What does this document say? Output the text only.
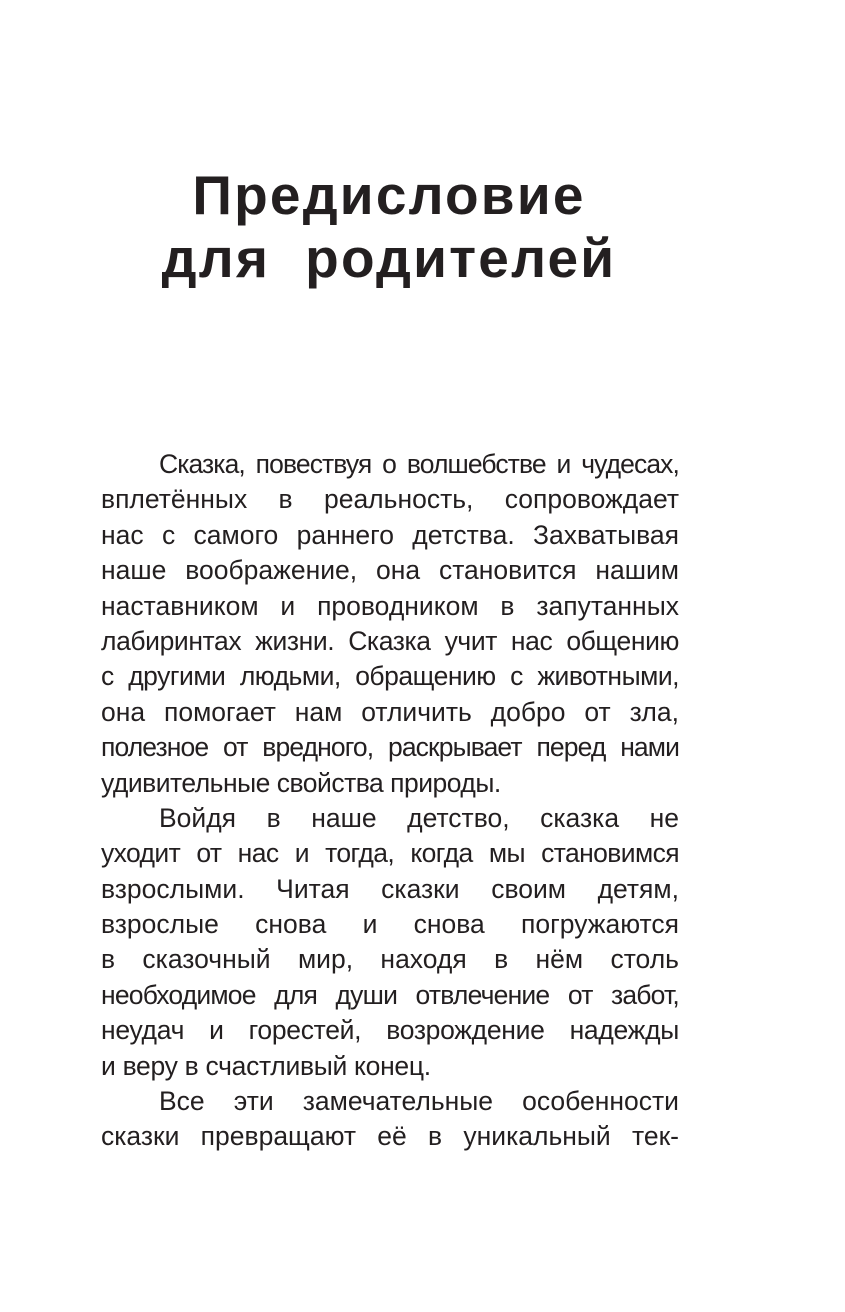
Предисловие
для  родителей
Сказка, повествуя о волшебстве и чудесах,
вплетённых в реальность, сопровождает
нас с самого раннего детства. Захватывая
наше воображение, она становится нашим
наставником и проводником в запутанных
лабиринтах жизни. Сказка учит нас общению
с другими людьми, обращению с животными,
она помогает нам отличить добро от зла,
полезное от вредного, раскрывает перед нами
удивительные свойства природы.
Войдя в наше детство, сказка не
уходит от нас и тогда, когда мы становимся
взрослыми. Читая сказки своим детям,
взрослые снова и снова погружаются
в сказочный мир, находя в нём столь
необходимое для души отвлечение от забот,
неудач и горестей, возрождение надежды
и веру в счастливый конец.
Все эти замечательные особенности
сказки превращают её в уникальный тек-
